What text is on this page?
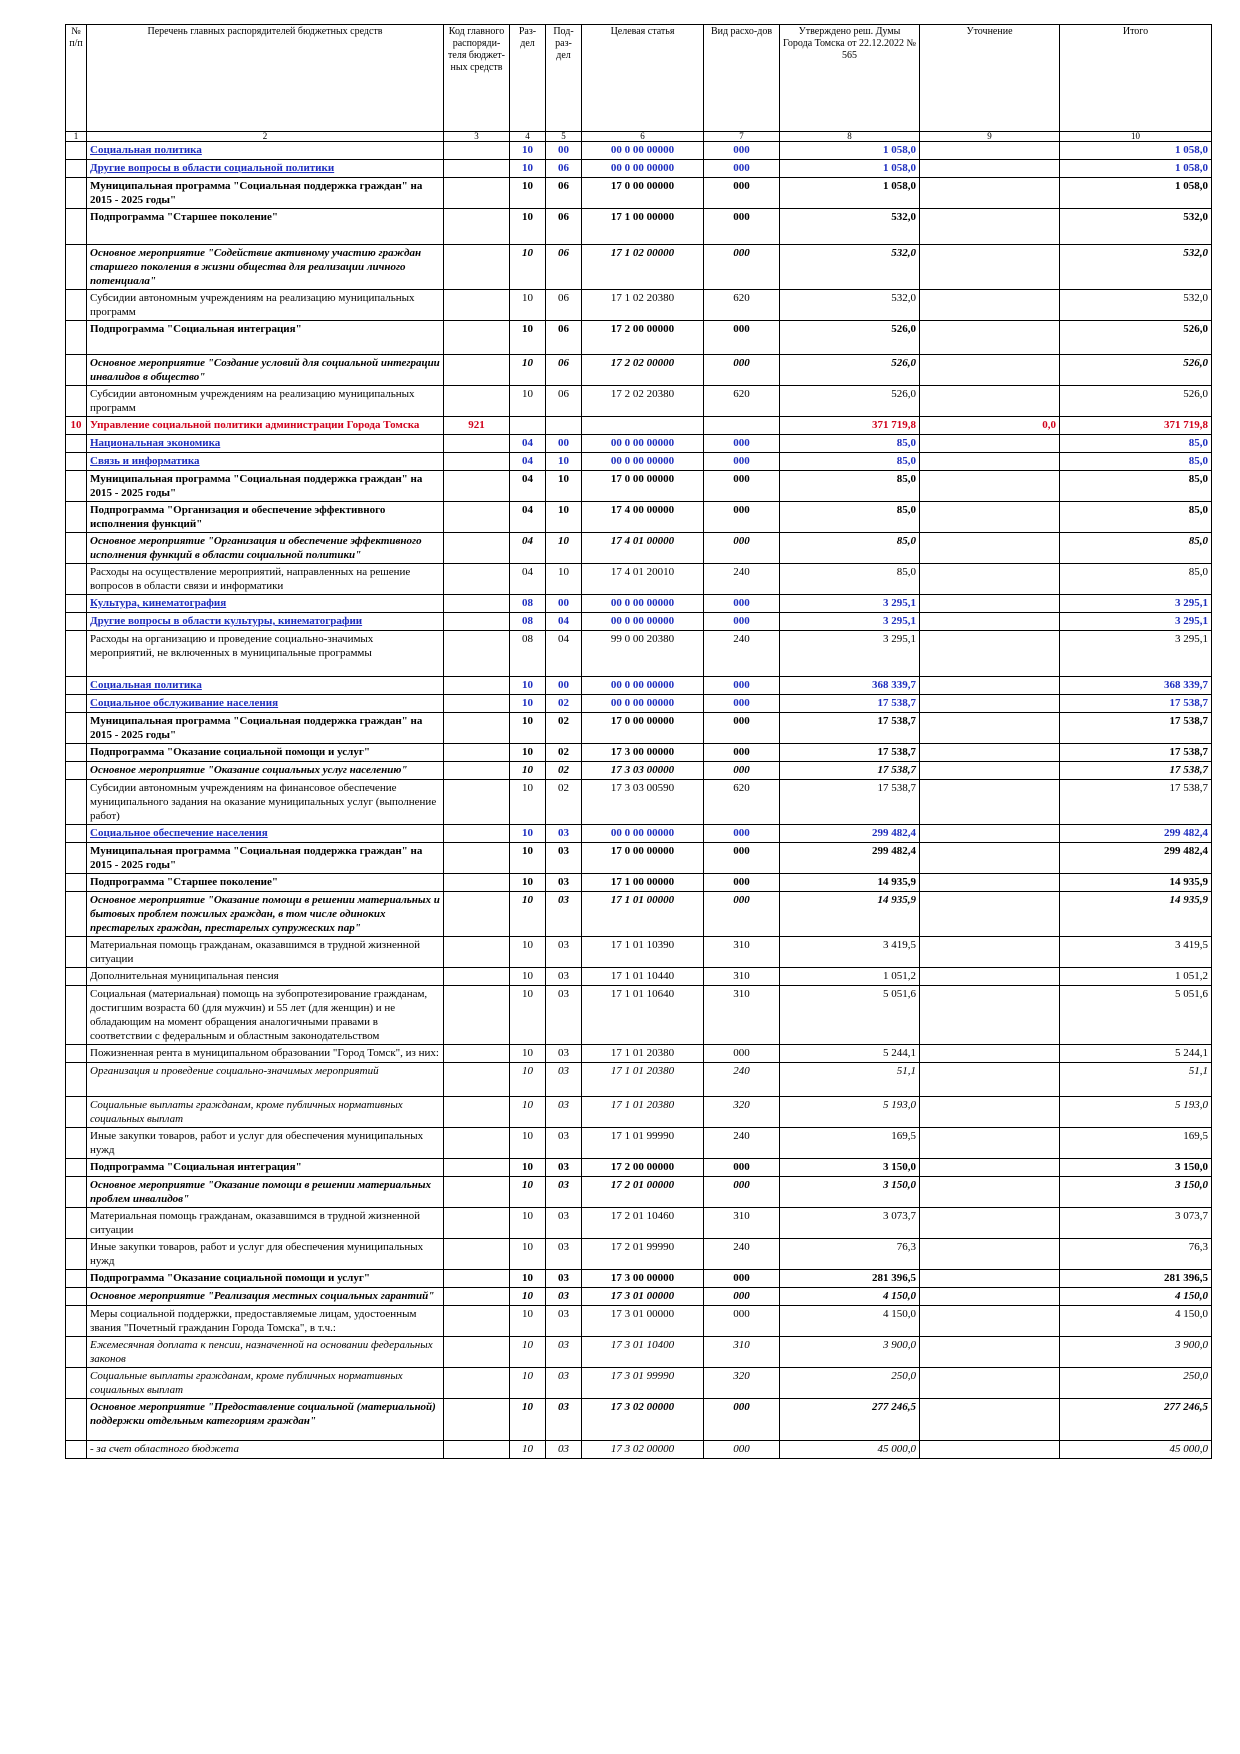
№ п/п	Перечень главных распорядителей бюджетных средств	Код главного распоряди-теля бюджет-ных средств	Раз-дел	Под-раз-дел	Целевая статья	Вид расхо-дов	Утверждено реш. Думы Города Томска от 22.12.2022 № 565	Уточнение	Итого
1	2	3	4	5	6	7	8	9	10
	Социальная политика		10	00	00 0 00 00000	000	1 058,0		1 058,0
	Другие вопросы в области социальной политики		10	06	00 0 00 00000	000	1 058,0		1 058,0
	Муниципальная программа "Социальная поддержка граждан" на 2015 - 2025 годы"		10	06	17 0 00 00000	000	1 058,0		1 058,0
	Подпрограмма "Старшее поколение"		10	06	17 1 00 00000	000	532,0		532,0
	Основное мероприятие "Содействие активному участию граждан старшего поколения в жизни общества для реализации личного потенциала"		10	06	17 1 02 00000	000	532,0		532,0
	Субсидии автономным учреждениям на реализацию муниципальных программ		10	06	17 1 02 20380	620	532,0		532,0
	Подпрограмма "Социальная интеграция"		10	06	17 2 00 00000	000	526,0		526,0
	Основное мероприятие "Создание условий для социальной интеграции инвалидов в общество"		10	06	17 2 02 00000	000	526,0		526,0
	Субсидии автономным учреждениям на реализацию муниципальных программ		10	06	17 2 02 20380	620	526,0		526,0
10	Управление социальной политики администрации Города Томска	921					371 719,8	0,0	371 719,8
	Национальная экономика		04	00	00 0 00 00000	000	85,0		85,0
	Связь и информатика		04	10	00 0 00 00000	000	85,0		85,0
	Муниципальная программа "Социальная поддержка граждан" на 2015 - 2025 годы"		04	10	17 0 00 00000	000	85,0		85,0
	Подпрограмма "Организация и обеспечение эффективного исполнения функций"		04	10	17 4 00 00000	000	85,0		85,0
	Основное мероприятие "Организация и обеспечение эффективного исполнения функций в области социальной политики"		04	10	17 4 01 00000	000	85,0		85,0
	Расходы на осуществление мероприятий, направленных на решение вопросов в области связи и информатики		04	10	17 4 01 20010	240	85,0		85,0
	Культура, кинематография		08	00	00 0 00 00000	000	3 295,1		3 295,1
	Другие вопросы в области культуры, кинематографии		08	04	00 0 00 00000	000	3 295,1		3 295,1
	Расходы на организацию и проведение социально-значимых мероприятий, не включенных в муниципальные программы		08	04	99 0 00 20380	240	3 295,1		3 295,1
	Социальная политика		10	00	00 0 00 00000	000	368 339,7		368 339,7
	Социальное обслуживание населения		10	02	00 0 00 00000	000	17 538,7		17 538,7
	Муниципальная программа "Социальная поддержка граждан" на 2015 - 2025 годы"		10	02	17 0 00 00000	000	17 538,7		17 538,7
	Подпрограмма "Оказание социальной помощи и услуг"		10	02	17 3 00 00000	000	17 538,7		17 538,7
	Основное мероприятие "Оказание социальных услуг населению"		10	02	17 3 03 00000	000	17 538,7		17 538,7
	Субсидии автономным учреждениям на финансовое обеспечение муниципального задания на оказание муниципальных услуг (выполнение работ)		10	02	17 3 03 00590	620	17 538,7		17 538,7
	Социальное обеспечение населения		10	03	00 0 00 00000	000	299 482,4		299 482,4
	Муниципальная программа "Социальная поддержка граждан" на 2015 - 2025 годы"		10	03	17 0 00 00000	000	299 482,4		299 482,4
	Подпрограмма "Старшее поколение"		10	03	17 1 00 00000	000	14 935,9		14 935,9
	Основное мероприятие "Оказание помощи в решении материальных и бытовых проблем пожилых граждан, в том числе одиноких престарелых граждан, престарелых супружеских пар"		10	03	17 1 01 00000	000	14 935,9		14 935,9
	Материальная помощь гражданам, оказавшимся в трудной жизненной ситуации		10	03	17 1 01 10390	310	3 419,5		3 419,5
	Дополнительная муниципальная пенсия		10	03	17 1 01 10440	310	1 051,2		1 051,2
	Социальная (материальная) помощь на зубопротезирование гражданам, достигшим возраста 60 (для мужчин) и 55 лет (для женщин) и не обладающим на момент обращения аналогичными правами в соответствии с федеральным и областным законодательством		10	03	17 1 01 10640	310	5 051,6		5 051,6
	Пожизненная рента в муниципальном образовании "Город Томск", из них:		10	03	17 1 01 20380	000	5 244,1		5 244,1
	Организация и проведение социально-значимых мероприятий		10	03	17 1 01 20380	240	51,1		51,1
	Социальные выплаты гражданам, кроме публичных нормативных социальных выплат		10	03	17 1 01 20380	320	5 193,0		5 193,0
	Иные закупки товаров, работ и услуг для обеспечения муниципальных нужд		10	03	17 1 01 99990	240	169,5		169,5
	Подпрограмма "Социальная интеграция"		10	03	17 2 00 00000	000	3 150,0		3 150,0
	Основное мероприятие "Оказание помощи в решении материальных проблем инвалидов"		10	03	17 2 01 00000	000	3 150,0		3 150,0
	Материальная помощь гражданам, оказавшимся в трудной жизненной ситуации		10	03	17 2 01 10460	310	3 073,7		3 073,7
	Иные закупки товаров, работ и услуг для обеспечения муниципальных нужд		10	03	17 2 01 99990	240	76,3		76,3
	Подпрограмма "Оказание социальной помощи и услуг"		10	03	17 3 00 00000	000	281 396,5		281 396,5
	Основное мероприятие "Реализация местных социальных гарантий"		10	03	17 3 01 00000	000	4 150,0		4 150,0
	Меры социальной поддержки, предоставляемые лицам, удостоенным звания "Почетный гражданин Города Томска", в т.ч.:		10	03	17 3 01 00000	000	4 150,0		4 150,0
	Ежемесячная доплата к пенсии, назначенной на основании федеральных законов		10	03	17 3 01 10400	310	3 900,0		3 900,0
	Социальные выплаты гражданам, кроме публичных нормативных социальных выплат		10	03	17 3 01 99990	320	250,0		250,0
	Основное мероприятие "Предоставление социальной (материальной) поддержки отдельным категориям граждан"		10	03	17 3 02 00000	000	277 246,5		277 246,5
	- за счет областного бюджета		10	03	17 3 02 00000	000	45 000,0		45 000,0
